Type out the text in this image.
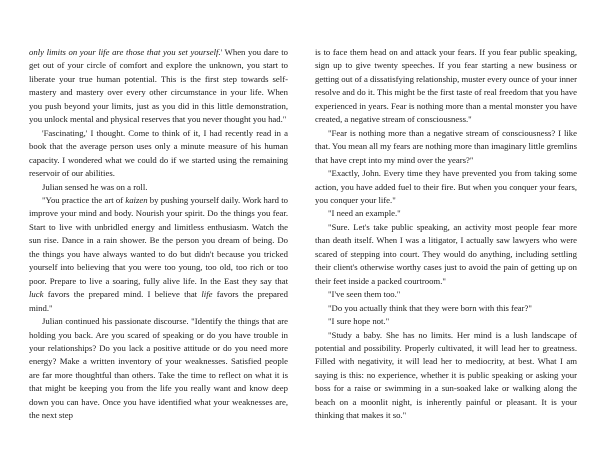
only limits on your life are those that you set yourself.' When you dare to get out of your circle of comfort and explore the unknown, you start to liberate your true human potential. This is the first step towards self-mastery and mastery over every other circumstance in your life. When you push beyond your limits, just as you did in this little demonstration, you unlock mental and physical reserves that you never thought you had."

'Fascinating,' I thought. Come to think of it, I had recently read in a book that the average person uses only a minute measure of his human capacity. I wondered what we could do if we started using the remaining reservoir of our abilities.

Julian sensed he was on a roll.

"You practice the art of kaizen by pushing yourself daily. Work hard to improve your mind and body. Nourish your spirit. Do the things you fear. Start to live with unbridled energy and limitless enthusiasm. Watch the sun rise. Dance in a rain shower. Be the person you dream of being. Do the things you have always wanted to do but didn't because you tricked yourself into believing that you were too young, too old, too rich or too poor. Prepare to live a soaring, fully alive life. In the East they say that luck favors the prepared mind. I believe that life favors the prepared mind."

Julian continued his passionate discourse. "Identify the things that are holding you back. Are you scared of speaking or do you have trouble in your relationships? Do you lack a positive attitude or do you need more energy? Make a written inventory of your weaknesses. Satisfied people are far more thoughtful than others. Take the time to reflect on what it is that might be keeping you from the life you really want and know deep down you can have. Once you have identified what your weaknesses are, the next step

is to face them head on and attack your fears. If you fear public speaking, sign up to give twenty speeches. If you fear starting a new business or getting out of a dissatisfying relationship, muster every ounce of your inner resolve and do it. This might be the first taste of real freedom that you have experienced in years. Fear is nothing more than a mental monster you have created, a negative stream of consciousness."

"Fear is nothing more than a negative stream of consciousness? I like that. You mean all my fears are nothing more than imaginary little gremlins that have crept into my mind over the years?"

"Exactly, John. Every time they have prevented you from taking some action, you have added fuel to their fire. But when you conquer your fears, you conquer your life."

"I need an example."

"Sure. Let's take public speaking, an activity most people fear more than death itself. When I was a litigator, I actually saw lawyers who were scared of stepping into court. They would do anything, including settling their client's otherwise worthy cases just to avoid the pain of getting up on their feet inside a packed courtroom."

"I've seen them too."

"Do you actually think that they were born with this fear?"

"I sure hope not."

"Study a baby. She has no limits. Her mind is a lush landscape of potential and possibility. Properly cultivated, it will lead her to greatness. Filled with negativity, it will lead her to mediocrity, at best. What I am saying is this: no experience, whether it is public speaking or asking your boss for a raise or swimming in a sun-soaked lake or walking along the beach on a moonlit night, is inherently painful or pleasant. It is your thinking that makes it so."
